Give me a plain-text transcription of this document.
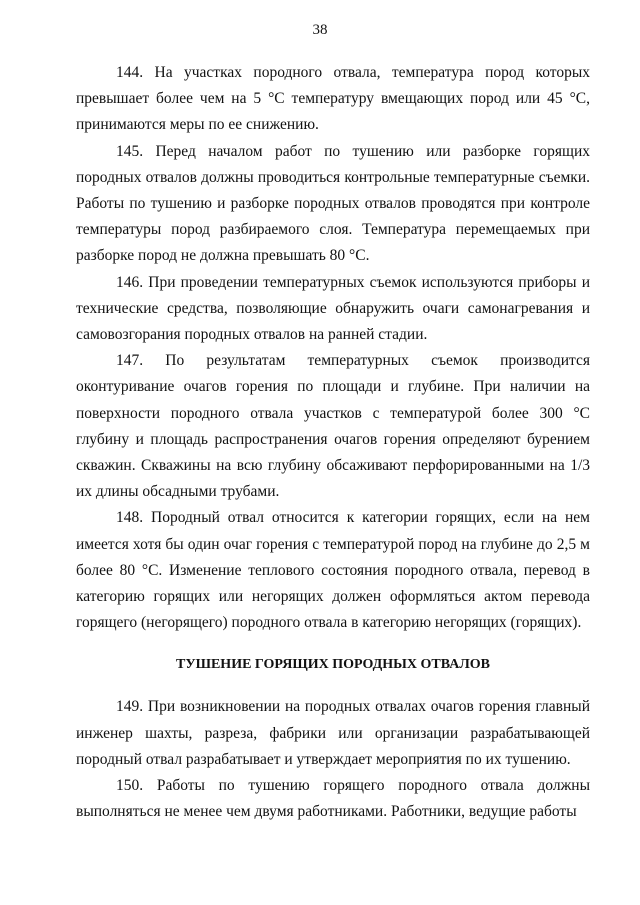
38

144. На участках породного отвала, температура пород которых превышает более чем на 5 °С температуру вмещающих пород или 45 °С, принимаются меры по ее снижению.

145. Перед началом работ по тушению или разборке горящих породных отвалов должны проводиться контрольные температурные съемки. Работы по тушению и разборке породных отвалов проводятся при контроле температуры пород разбираемого слоя. Температура перемещаемых при разборке пород не должна превышать 80 °С.

146. При проведении температурных съемок используются приборы и технические средства, позволяющие обнаружить очаги самонагревания и самовозгорания породных отвалов на ранней стадии.

147. По результатам температурных съемок производится оконтуривание очагов горения по площади и глубине. При наличии на поверхности породного отвала участков с температурой более 300 °С глубину и площадь распространения очагов горения определяют бурением скважин. Скважины на всю глубину обсаживают перфорированными на 1/3 их длины обсадными трубами.

148. Породный отвал относится к категории горящих, если на нем имеется хотя бы один очаг горения с температурой пород на глубине до 2,5 м более 80 °С. Изменение теплового состояния породного отвала, перевод в категорию горящих или негорящих должен оформляться актом перевода горящего (негорящего) породного отвала в категорию негорящих (горящих).

ТУШЕНИЕ ГОРЯЩИХ ПОРОДНЫХ ОТВАЛОВ

149. При возникновении на породных отвалах очагов горения главный инженер шахты, разреза, фабрики или организации разрабатывающей породный отвал разрабатывает и утверждает мероприятия по их тушению.

150. Работы по тушению горящего породного отвала должны выполняться не менее чем двумя работниками. Работники, ведущие работы
